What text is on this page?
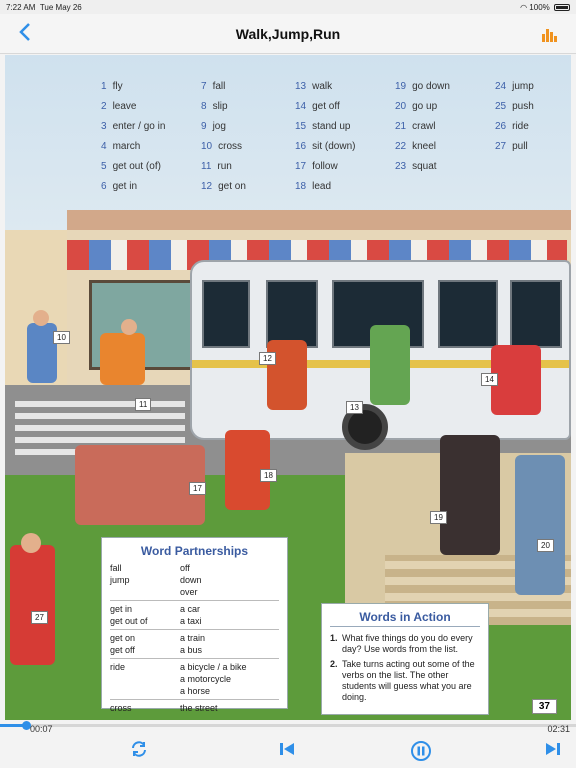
7:22 AM Tue May 26	◠ 100%
Walk,Jump,Run
1 fly
2 leave
3 enter / go in
4 march
5 get out (of)
6 get in
7 fall
8 slip
9 jog
10 cross
11 run
12 get on
13 walk
14 get off
15 stand up
16 sit (down)
17 follow
18 lead
19 go down
20 go up
21 crawl
22 kneel
23 squat
24 jump
25 push
26 ride
27 pull
10
11
12
13
14
17
18
19
20
27
Word Partnerships
fall	off
jump	down
over
get in	a car
get out of	a taxi
get on	a train
get off	a bus
ride	a bicycle / a bike
a motorcycle
a horse
cross	the street
Words in Action
1. What five things do you do every day? Use words from the list.
2. Take turns acting out some of the verbs on the list. The other students will guess what you are doing.
37
00:07	02:31
